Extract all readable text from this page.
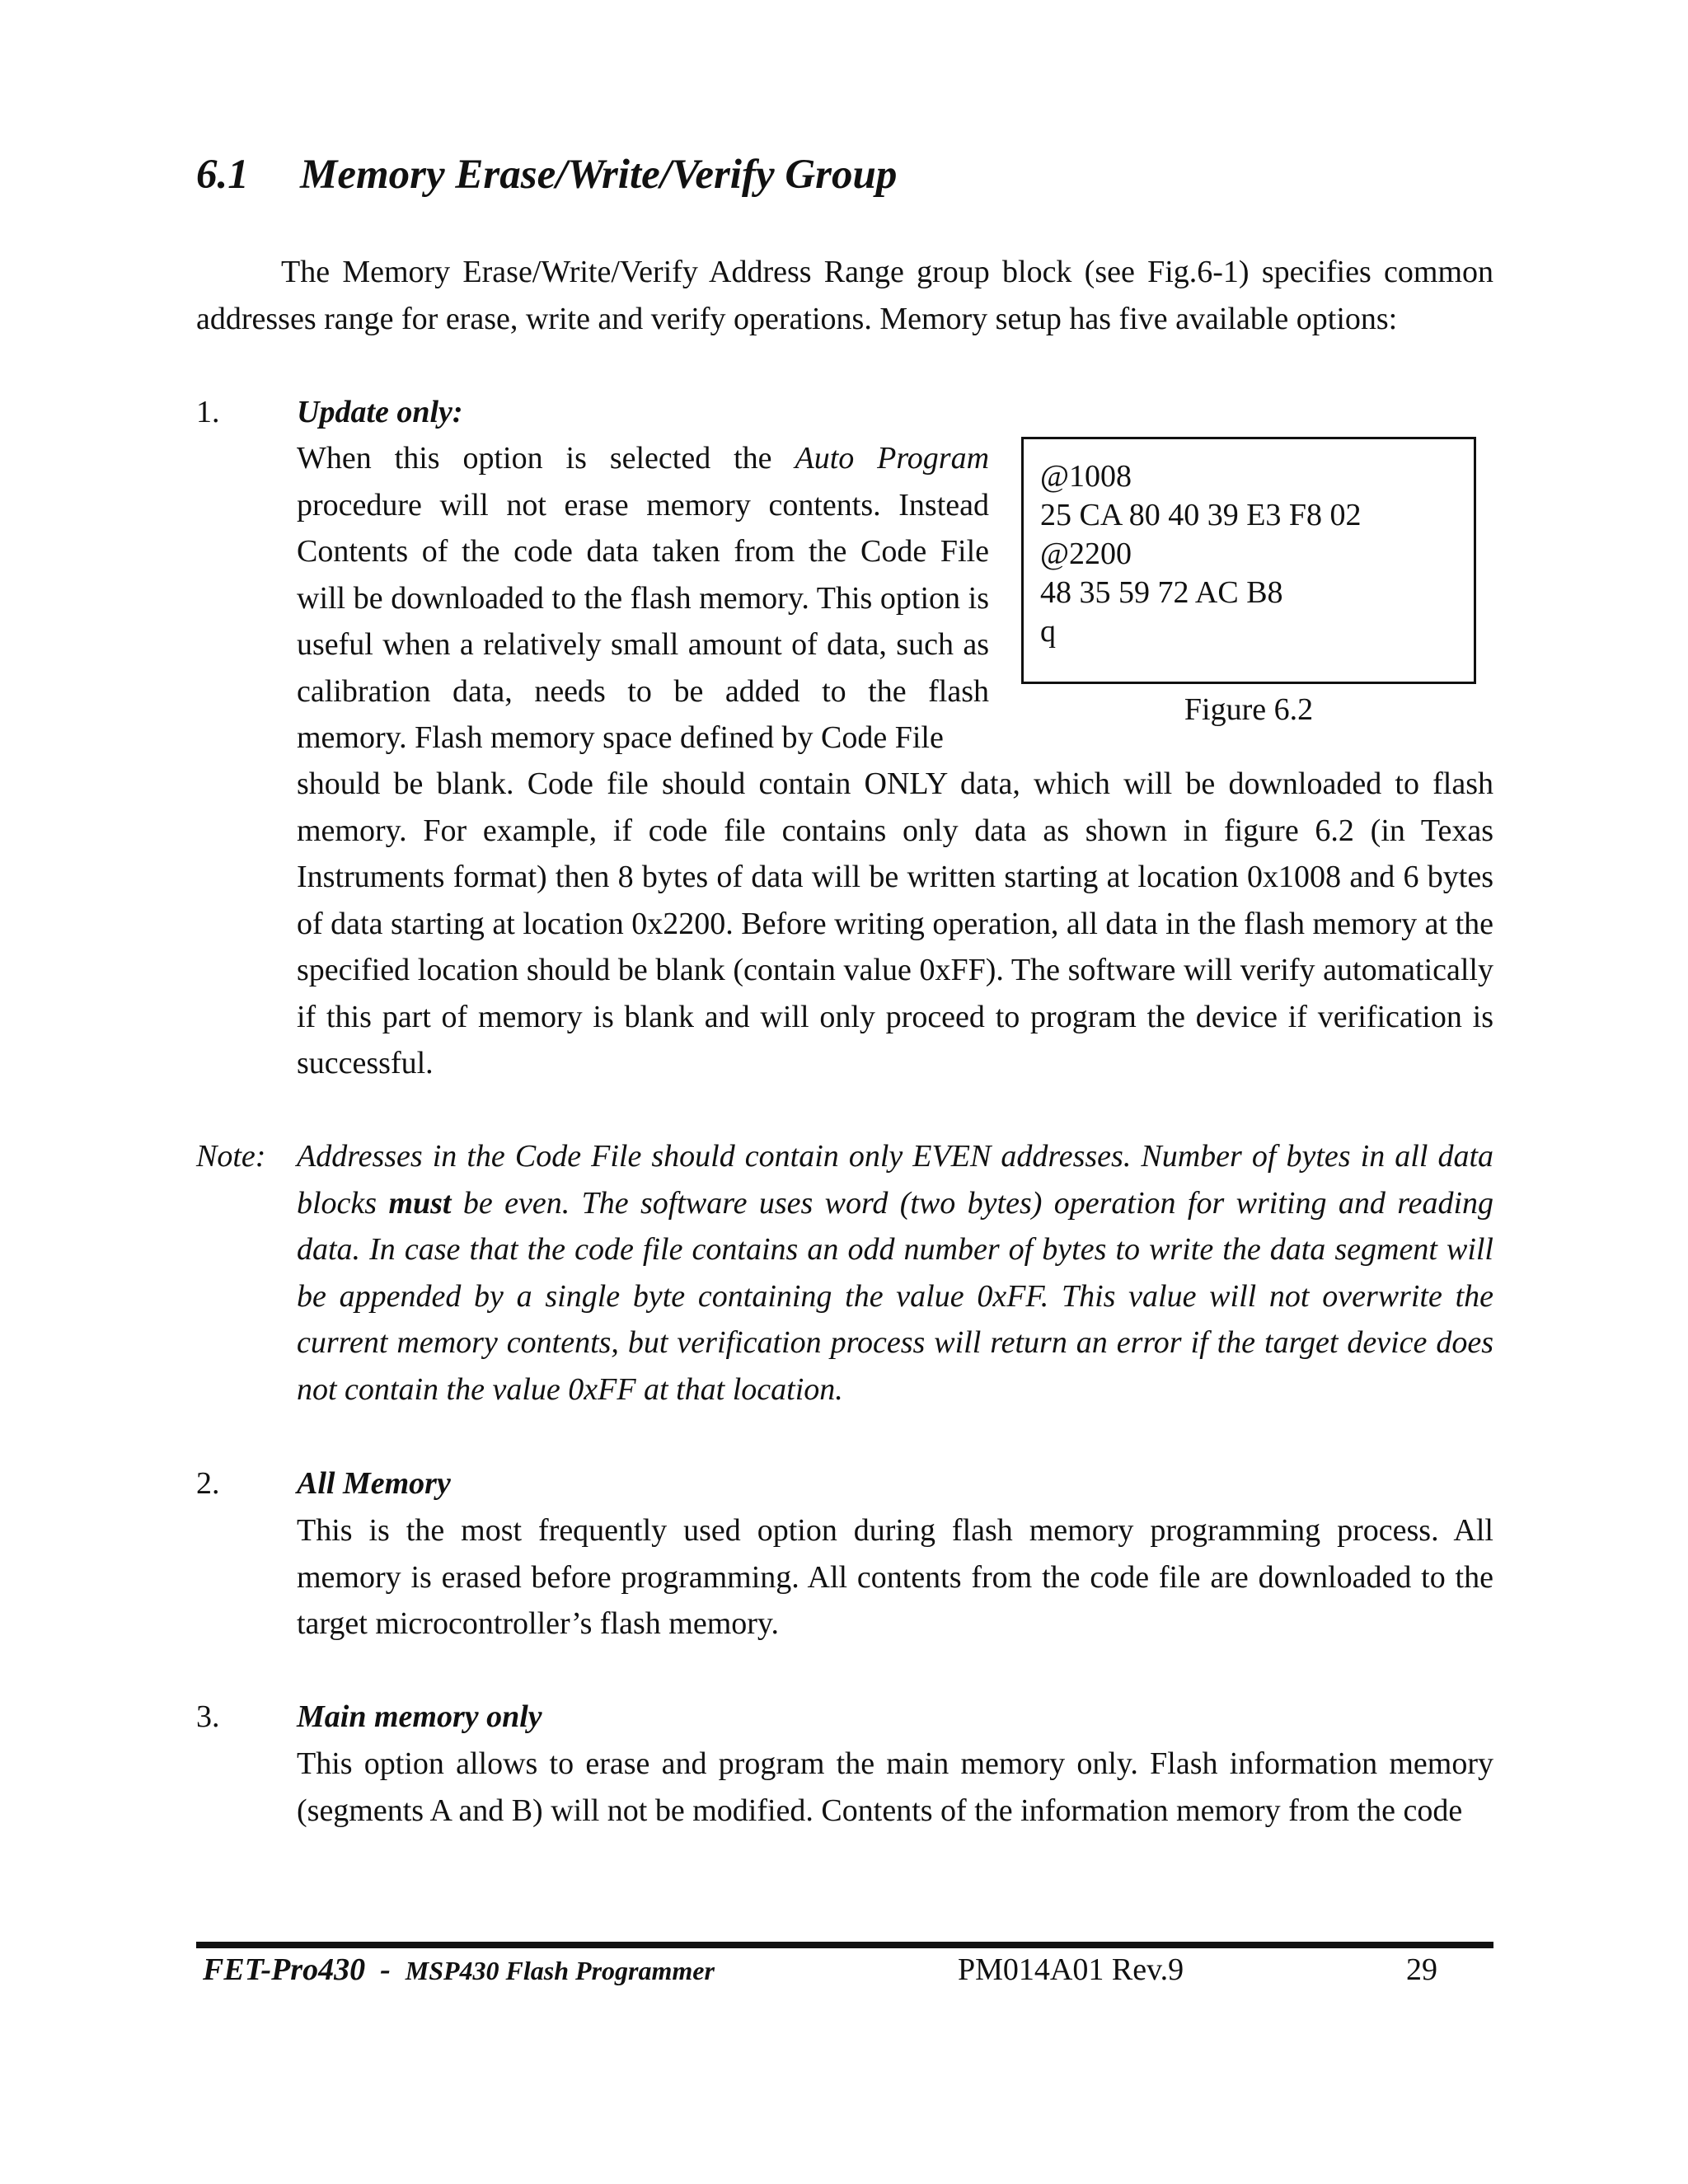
6.1 Memory Erase/Write/Verify Group

The Memory Erase/Write/Verify Address Range group block (see Fig.6-1) specifies common addresses range for erase, write and verify operations. Memory setup has five available options:

1. Update only:

When this option is selected the Auto Program procedure will not erase memory contents. Instead Contents of the code data taken from the Code File will be downloaded to the flash memory. This option is useful when a relatively small amount of data, such as calibration data, needs to be added to the flash memory. Flash memory space defined by Code File

@1008
25 CA 80 40 39 E3 F8 02
@2200
48 35 59 72 AC B8
q
Figure 6.2

should be blank. Code file should contain ONLY data, which will be downloaded to flash memory. For example, if code file contains only data as shown in figure 6.2 (in Texas Instruments format) then 8 bytes of data will be written starting at location 0x1008 and 6 bytes of data starting at location 0x2200. Before writing operation, all data in the flash memory at the specified location should be blank (contain value 0xFF). The software will verify automatically if this part of memory is blank and will only proceed to program the device if verification is successful.

Note: Addresses in the Code File should contain only EVEN addresses. Number of bytes in all data blocks must be even. The software uses word (two bytes) operation for writing and reading data. In case that the code file contains an odd number of bytes to write the data segment will be appended by a single byte containing the value 0xFF. This value will not overwrite the current memory contents, but verification process will return an error if the target device does not contain the value 0xFF at that location.

2. All Memory

This is the most frequently used option during flash memory programming process. All memory is erased before programming. All contents from the code file are downloaded to the target microcontroller’s flash memory.

3. Main memory only

This option allows to erase and program the main memory only. Flash information memory (segments A and B) will not be modified. Contents of the information memory from the code

FET-Pro430 - MSP430 Flash Programmer	PM014A01 Rev.9	29
